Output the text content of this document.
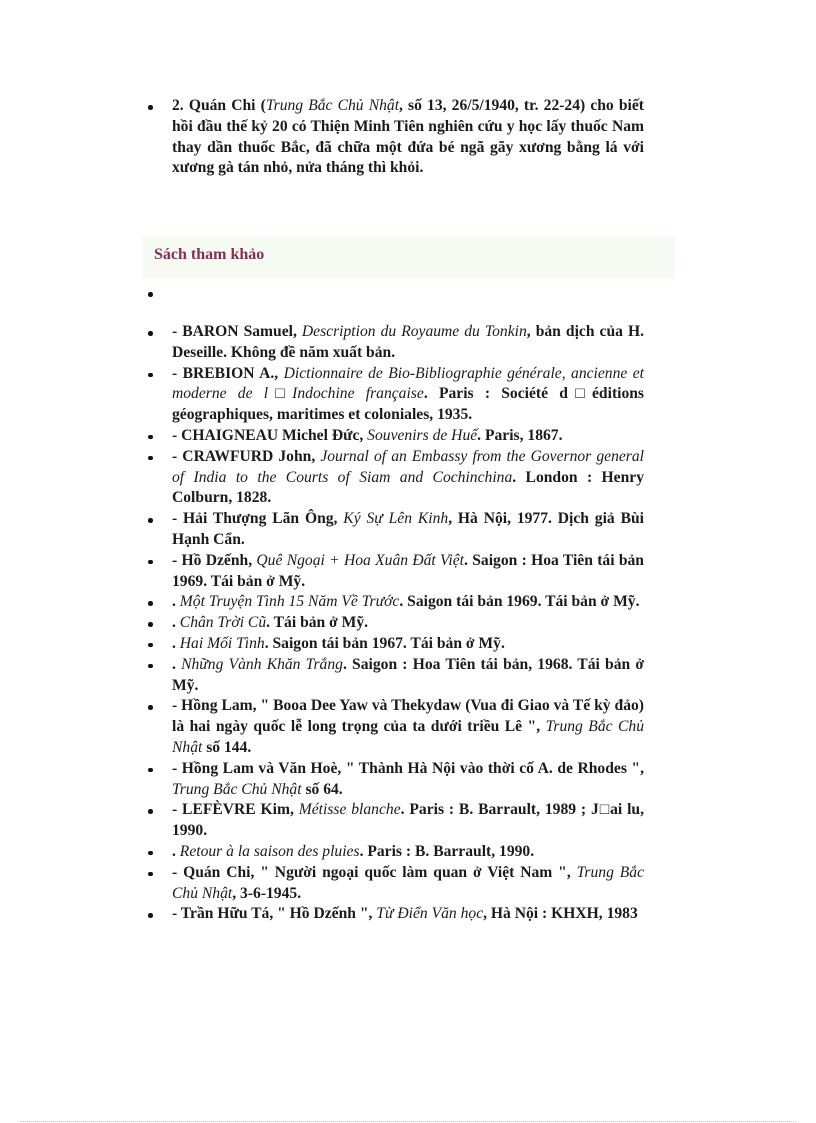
2. Quán Chi (Trung Bắc Chủ Nhật, số 13, 26/5/1940, tr. 22-24) cho biết hồi đầu thế kỷ 20 có Thiện Minh Tiên nghiên cứu y học lấy thuốc Nam thay dần thuốc Bắc, đã chữa một đứa bé ngã gãy xương bằng lá với xương gà tán nhỏ, nửa tháng thì khỏi.
Sách tham khảo
- BARON Samuel, Description du Royaume du Tonkin, bản dịch của H. Deseille. Không đề năm xuất bản.
- BREBION A., Dictionnaire de Bio-Bibliographie générale, ancienne et moderne de l□Indochine française. Paris : Société d□éditions géographiques, maritimes et coloniales, 1935.
- CHAIGNEAU Michel Đức, Souvenirs de Huế. Paris, 1867.
- CRAWFURD John, Journal of an Embassy from the Governor general of India to the Courts of Siam and Cochinchina. London : Henry Colburn, 1828.
- Hải Thượng Lãn Ông, Ký Sự Lên Kinh, Hà Nội, 1977. Dịch giả Bùi Hạnh Cẩn.
- Hồ Dzếnh, Quê Ngoại + Hoa Xuân Đất Việt. Saigon : Hoa Tiên tái bản 1969. Tái bản ở Mỹ.
. Một Truyện Tình 15 Năm Về Trước. Saigon tái bản 1969. Tái bản ở Mỹ.
. Chân Trời Cũ. Tái bản ở Mỹ.
. Hai Mối Tình. Saigon tái bản 1967. Tái bản ở Mỹ.
. Những Vành Khăn Trắng. Saigon : Hoa Tiên tái bản, 1968. Tái bản ở Mỹ.
- Hồng Lam, " Booa Dee Yaw và Thekydaw (Vua đi Giao và Tế kỳ đảo) là hai ngày quốc lễ long trọng của ta dưới triều Lê ", Trung Bắc Chủ Nhật số 144.
- Hồng Lam và Văn Hoè, " Thành Hà Nội vào thời cố A. de Rhodes ", Trung Bắc Chủ Nhật số 64.
- LEFÈVRE Kim, Métisse blanche. Paris : B. Barrault, 1989 ; J□ai lu, 1990.
. Retour à la saison des pluies. Paris : B. Barrault, 1990.
- Quán Chi, " Người ngoại quốc làm quan ở Việt Nam ", Trung Bắc Chủ Nhật, 3-6-1945.
- Trần Hữu Tá, " Hồ Dzếnh ", Từ Điển Văn học, Hà Nội : KHXH, 1983
